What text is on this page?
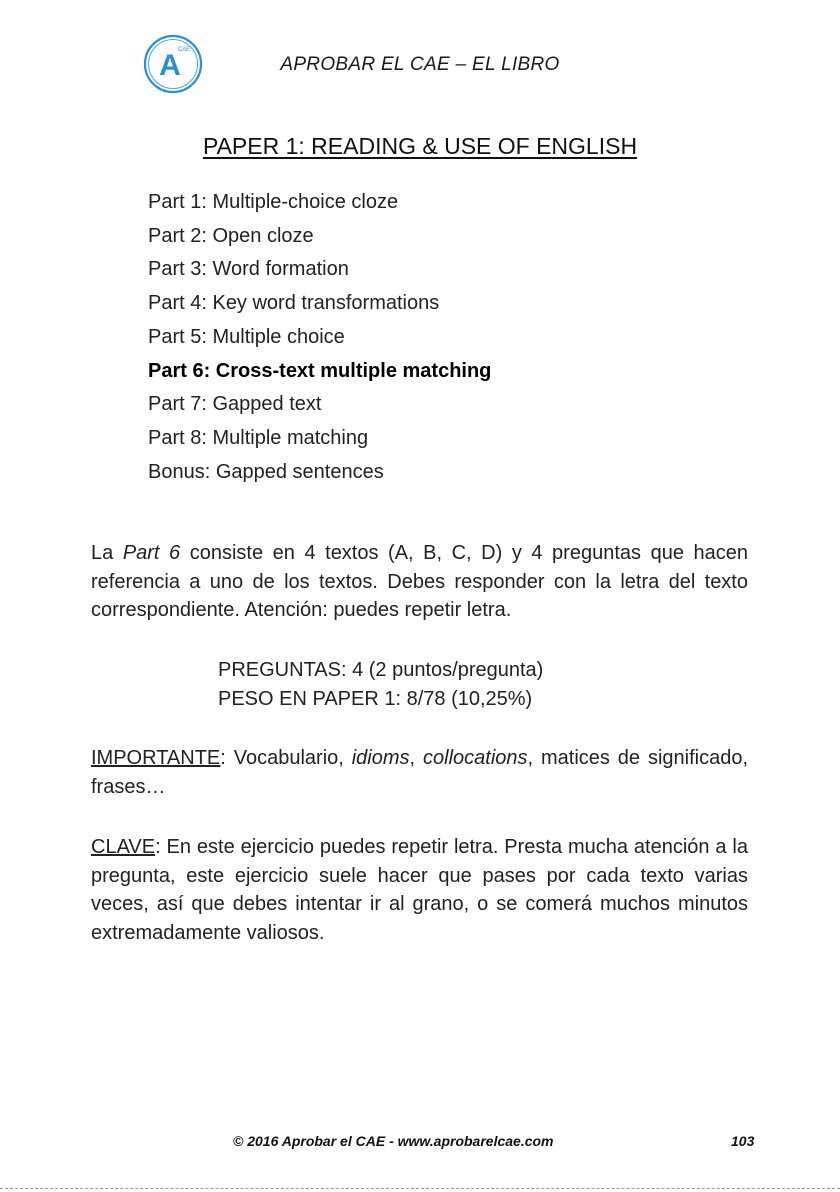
A
CAE
APROBAR EL CAE – EL LIBRO
PAPER 1: READING & USE OF ENGLISH
Part 1: Multiple-choice cloze
Part 2: Open cloze
Part 3: Word formation
Part 4: Key word transformations
Part 5: Multiple choice
Part 6: Cross-text multiple matching
Part 7: Gapped text
Part 8: Multiple matching
Bonus: Gapped sentences

La Part 6 consiste en 4 textos (A, B, C, D) y 4 preguntas que hacen referencia a uno de los textos. Debes responder con la letra del texto correspondiente. Atención: puedes repetir letra.

PREGUNTAS: 4 (2 puntos/pregunta)
PESO EN PAPER 1: 8/78 (10,25%)

IMPORTANTE: Vocabulario, idioms, collocations, matices de significado, frases…

CLAVE: En este ejercicio puedes repetir letra. Presta mucha atención a la pregunta, este ejercicio suele hacer que pases por cada texto varias veces, así que debes intentar ir al grano, o se comerá muchos minutos extremadamente valiosos.

© 2016 Aprobar el CAE - www.aprobarelcae.com	103
